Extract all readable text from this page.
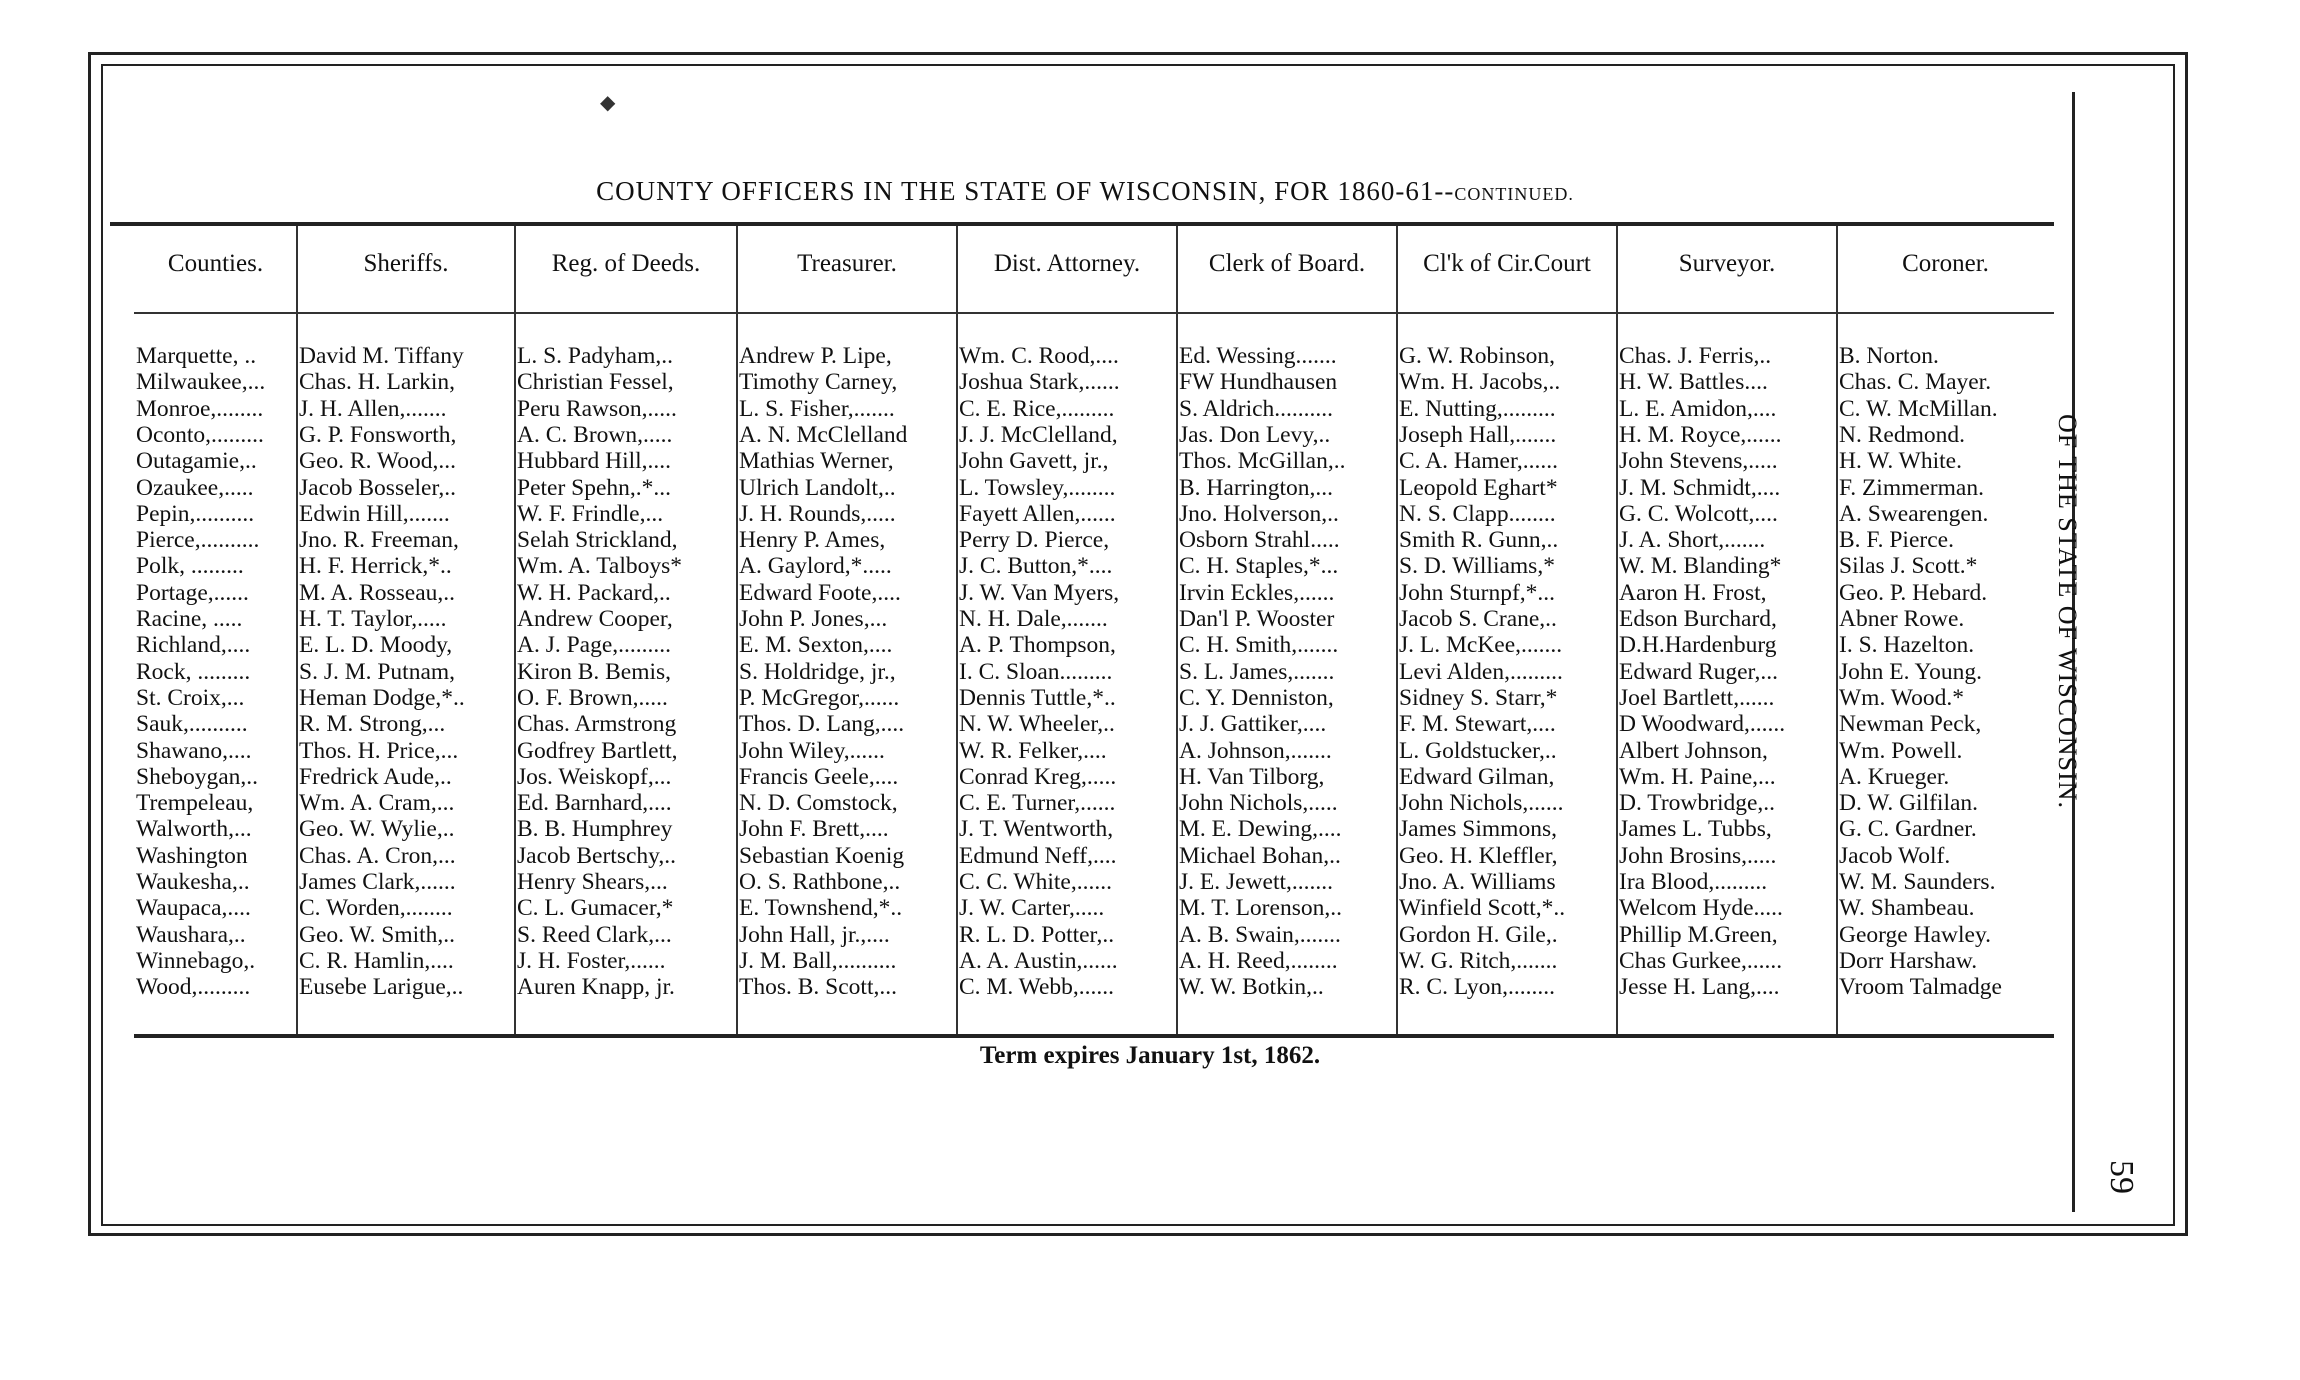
COUNTY OFFICERS IN THE STATE OF WISCONSIN, FOR 1860-61--CONTINUED.
Counties.	Sheriffs.	Reg. of Deeds.	Treasurer.	Dist. Attorney.	Clerk of Board.	Cl'k of Cir.Court	Surveyor.	Coroner.
Marquette, ..	David M. Tiffany	L. S. Padyham,..	Andrew P. Lipe,	Wm. C. Rood,....	Ed. Wessing.......	G. W. Robinson,	Chas. J. Ferris,..	B. Norton.
Milwaukee,...	Chas. H. Larkin,	Christian Fessel,	Timothy Carney,	Joshua Stark,......	FW Hundhausen	Wm. H. Jacobs,..	H. W. Battles....	Chas. C. Mayer.
Monroe,........	J. H. Allen,.......	Peru Rawson,.....	L. S. Fisher,.......	C. E. Rice,.........	S. Aldrich..........	E. Nutting,.........	L. E. Amidon,....	C. W. McMillan.
Oconto,.........	G. P. Fonsworth,	A. C. Brown,.....	A. N. McClelland	J. J. McClelland,	Jas. Don Levy,..	Joseph Hall,.......	H. M. Royce,......	N. Redmond.
Outagamie,..	Geo. R. Wood,...	Hubbard Hill,....	Mathias Werner,	John Gavett, jr.,	Thos. McGillan,..	C. A. Hamer,......	John Stevens,.....	H. W. White.
Ozaukee,.....	Jacob Bosseler,..	Peter Spehn,.*...	Ulrich Landolt,..	L. Towsley,........	B. Harrington,...	Leopold Eghart*	J. M. Schmidt,....	F. Zimmerman.
Pepin,..........	Edwin Hill,.......	W. F. Frindle,...	J. H. Rounds,.....	Fayett Allen,......	Jno. Holverson,..	N. S. Clapp........	G. C. Wolcott,....	A. Swearengen.
Pierce,..........	Jno. R. Freeman,	Selah Strickland,	Henry P. Ames,	Perry D. Pierce,	Osborn Strahl.....	Smith R. Gunn,..	J. A. Short,.......	B. F. Pierce.
Polk, .........	H. F. Herrick,*..	Wm. A. Talboys*	A. Gaylord,*.....	J. C. Button,*....	C. H. Staples,*...	S. D. Williams,*	W. M. Blanding*	Silas J. Scott.*
Portage,......	M. A. Rosseau,..	W. H. Packard,..	Edward Foote,....	J. W. Van Myers,	Irvin Eckles,......	John Sturnpf,*...	Aaron H. Frost,	Geo. P. Hebard.
Racine, .....	H. T. Taylor,.....	Andrew Cooper,	John P. Jones,...	N. H. Dale,.......	Dan'l P. Wooster	Jacob S. Crane,..	Edson Burchard,	Abner Rowe.
Richland,....	E. L. D. Moody,	A. J. Page,.........	E. M. Sexton,....	A. P. Thompson,	C. H. Smith,.......	J. L. McKee,.......	D.H.Hardenburg	I. S. Hazelton.
Rock, .........	S. J. M. Putnam,	Kiron B. Bemis,	S. Holdridge, jr.,	I. C. Sloan.........	S. L. James,.......	Levi Alden,.........	Edward Ruger,...	John E. Young.
St. Croix,...	Heman Dodge,*..	O. F. Brown,.....	P. McGregor,......	Dennis Tuttle,*..	C. Y. Denniston,	Sidney S. Starr,*	Joel Bartlett,......	Wm. Wood.*
Sauk,..........	R. M. Strong,...	Chas. Armstrong	Thos. D. Lang,....	N. W. Wheeler,..	J. J. Gattiker,....	F. M. Stewart,....	D Woodward,......	Newman Peck,
Shawano,....	Thos. H. Price,...	Godfrey Bartlett,	John Wiley,......	W. R. Felker,....	A. Johnson,.......	L. Goldstucker,..	Albert Johnson,	Wm. Powell.
Sheboygan,..	Fredrick Aude,..	Jos. Weiskopf,...	Francis Geele,....	Conrad Kreg,.....	H. Van Tilborg,	Edward Gilman,	Wm. H. Paine,...	A. Krueger.
Trempeleau,	Wm. A. Cram,...	Ed. Barnhard,....	N. D. Comstock,	C. E. Turner,......	John Nichols,.....	John Nichols,......	D. Trowbridge,..	D. W. Gilfilan.
Walworth,...	Geo. W. Wylie,..	B. B. Humphrey	John F. Brett,....	J. T. Wentworth,	M. E. Dewing,....	James Simmons,	James L. Tubbs,	G. C. Gardner.
Washington	Chas. A. Cron,...	Jacob Bertschy,..	Sebastian Koenig	Edmund Neff,....	Michael Bohan,..	Geo. H. Kleffler,	John Brosins,.....	Jacob Wolf.
Waukesha,..	James Clark,......	Henry Shears,...	O. S. Rathbone,..	C. C. White,......	J. E. Jewett,.......	Jno. A. Williams	Ira Blood,.........	W. M. Saunders.
Waupaca,....	C. Worden,........	C. L. Gumacer,*	E. Townshend,*..	J. W. Carter,.....	M. T. Lorenson,..	Winfield Scott,*..	Welcom Hyde.....	W. Shambeau.
Waushara,..	Geo. W. Smith,..	S. Reed Clark,...	John Hall, jr.,....	R. L. D. Potter,..	A. B. Swain,.......	Gordon H. Gile,.	Phillip M.Green,	George Hawley.
Winnebago,.	C. R. Hamlin,....	J. H. Foster,......	J. M. Ball,..........	A. A. Austin,......	A. H. Reed,........	W. G. Ritch,.......	Chas Gurkee,......	Dorr Harshaw.
Wood,.........	Eusebe Larigue,..	Auren Knapp, jr.	Thos. B. Scott,...	C. M. Webb,......	W. W. Botkin,..	R. C. Lyon,........	Jesse H. Lang,....	Vroom Talmadge
Term expires January 1st, 1862.
OF THE STATE OF WISCONSIN.
59
◆
